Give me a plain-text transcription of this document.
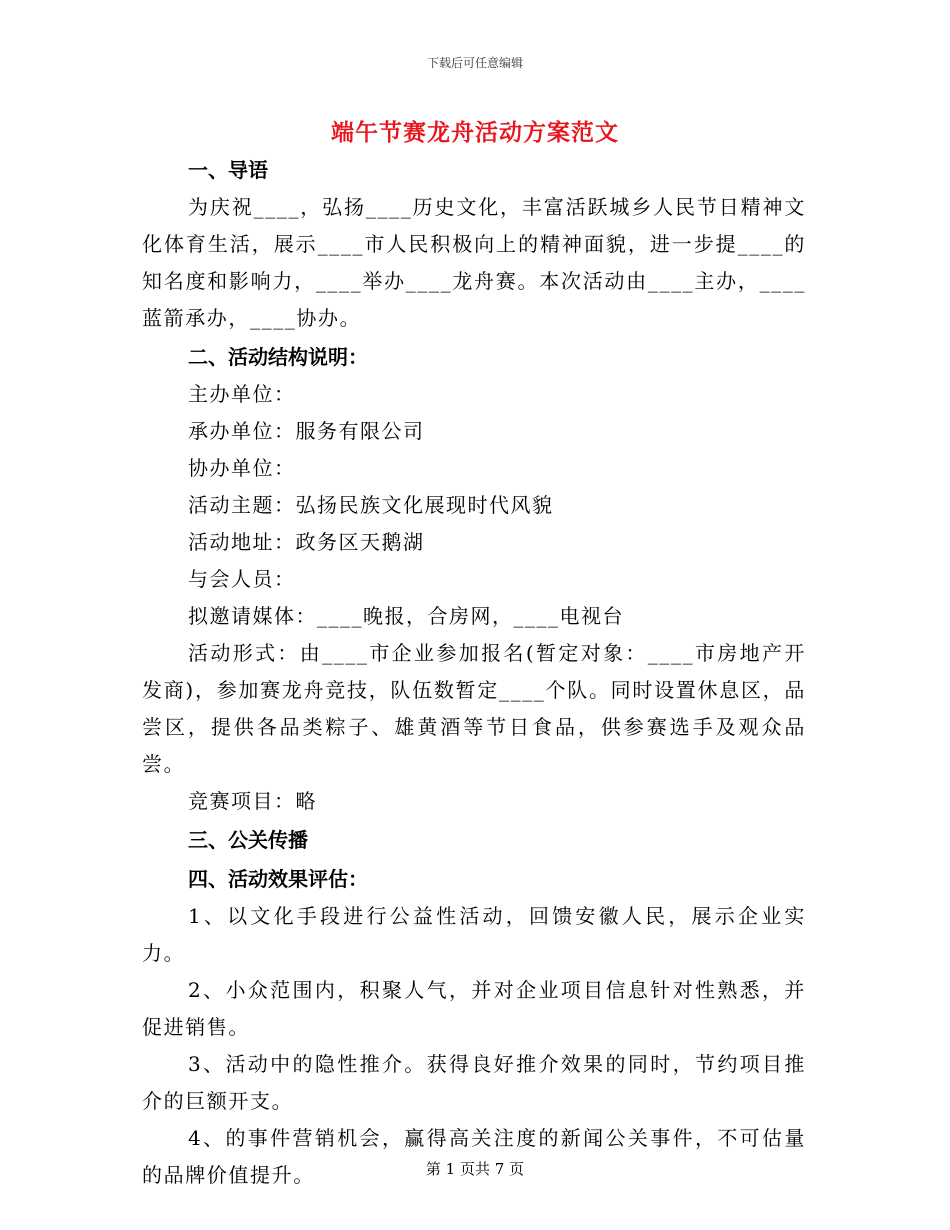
下载后可任意编辑
端午节赛龙舟活动方案范文
一、导语
为庆祝____，弘扬____历史文化，丰富活跃城乡人民节日精神文化体育生活，展示____市人民积极向上的精神面貌，进一步提____的知名度和影响力，____举办____龙舟赛。本次活动由____主办，____蓝箭承办，____协办。
二、活动结构说明：
主办单位：
承办单位：服务有限公司
协办单位：
活动主题：弘扬民族文化展现时代风貌
活动地址：政务区天鹅湖
与会人员：
拟邀请媒体：____晚报，合房网，____电视台
活动形式：由____市企业参加报名(暂定对象：____市房地产开发商)，参加赛龙舟竞技，队伍数暂定____个队。同时设置休息区，品尝区，提供各品类粽子、雄黄酒等节日食品，供参赛选手及观众品尝。
竞赛项目：略
三、公关传播
四、活动效果评估：
1、以文化手段进行公益性活动，回馈安徽人民，展示企业实力。
2、小众范围内，积聚人气，并对企业项目信息针对性熟悉，并促进销售。
3、活动中的隐性推介。获得良好推介效果的同时，节约项目推介的巨额开支。
4、的事件营销机会，赢得高关注度的新闻公关事件，不可估量的品牌价值提升。	第 1 页共 7 页
